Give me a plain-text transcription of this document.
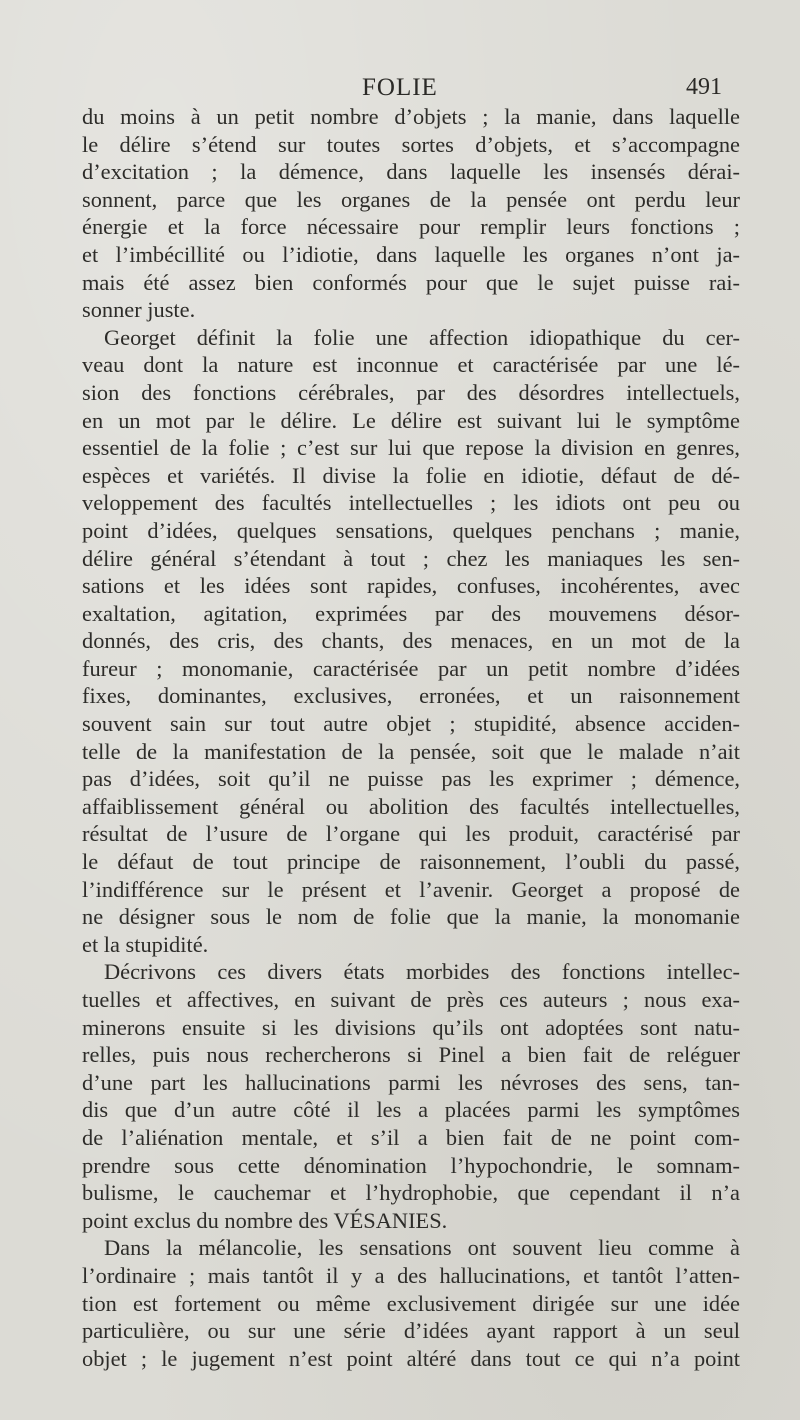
FOLIE	491
du moins à un petit nombre d’objets ; la manie, dans laquelle
le délire s’étend sur toutes sortes d’objets, et s’accompagne
d’excitation ; la démence, dans laquelle les insensés dérai-
sonnent, parce que les organes de la pensée ont perdu leur
énergie et la force nécessaire pour remplir leurs fonctions ;
et l’imbécillité ou l’idiotie, dans laquelle les organes n’ont ja-
mais été assez bien conformés pour que le sujet puisse rai-
sonner juste.
Georget définit la folie une affection idiopathique du cer-
veau dont la nature est inconnue et caractérisée par une lé-
sion des fonctions cérébrales, par des désordres intellectuels,
en un mot par le délire. Le délire est suivant lui le symptôme
essentiel de la folie ; c’est sur lui que repose la division en genres,
espèces et variétés. Il divise la folie en idiotie, défaut de dé-
veloppement des facultés intellectuelles ; les idiots ont peu ou
point d’idées, quelques sensations, quelques penchans ; manie,
délire général s’étendant à tout ; chez les maniaques les sen-
sations et les idées sont rapides, confuses, incohérentes, avec
exaltation, agitation, exprimées par des mouvemens désor-
donnés, des cris, des chants, des menaces, en un mot de la
fureur ; monomanie, caractérisée par un petit nombre d’idées
fixes, dominantes, exclusives, erronées, et un raisonnement
souvent sain sur tout autre objet ; stupidité, absence acciden-
telle de la manifestation de la pensée, soit que le malade n’ait
pas d’idées, soit qu’il ne puisse pas les exprimer ; démence,
affaiblissement général ou abolition des facultés intellectuelles,
résultat de l’usure de l’organe qui les produit, caractérisé par
le défaut de tout principe de raisonnement, l’oubli du passé,
l’indifférence sur le présent et l’avenir. Georget a proposé de
ne désigner sous le nom de folie que la manie, la monomanie
et la stupidité.
Décrivons ces divers états morbides des fonctions intellec-
tuelles et affectives, en suivant de près ces auteurs ; nous exa-
minerons ensuite si les divisions qu’ils ont adoptées sont natu-
relles, puis nous rechercherons si Pinel a bien fait de reléguer
d’une part les hallucinations parmi les névroses des sens, tan-
dis que d’un autre côté il les a placées parmi les symptômes
de l’aliénation mentale, et s’il a bien fait de ne point com-
prendre sous cette dénomination l’hypochondrie, le somnam-
bulisme, le cauchemar et l’hydrophobie, que cependant il n’a
point exclus du nombre des VÉSANIES.
Dans la mélancolie, les sensations ont souvent lieu comme à
l’ordinaire ; mais tantôt il y a des hallucinations, et tantôt l’atten-
tion est fortement ou même exclusivement dirigée sur une idée
particulière, ou sur une série d’idées ayant rapport à un seul
objet ; le jugement n’est point altéré dans tout ce qui n’a point
